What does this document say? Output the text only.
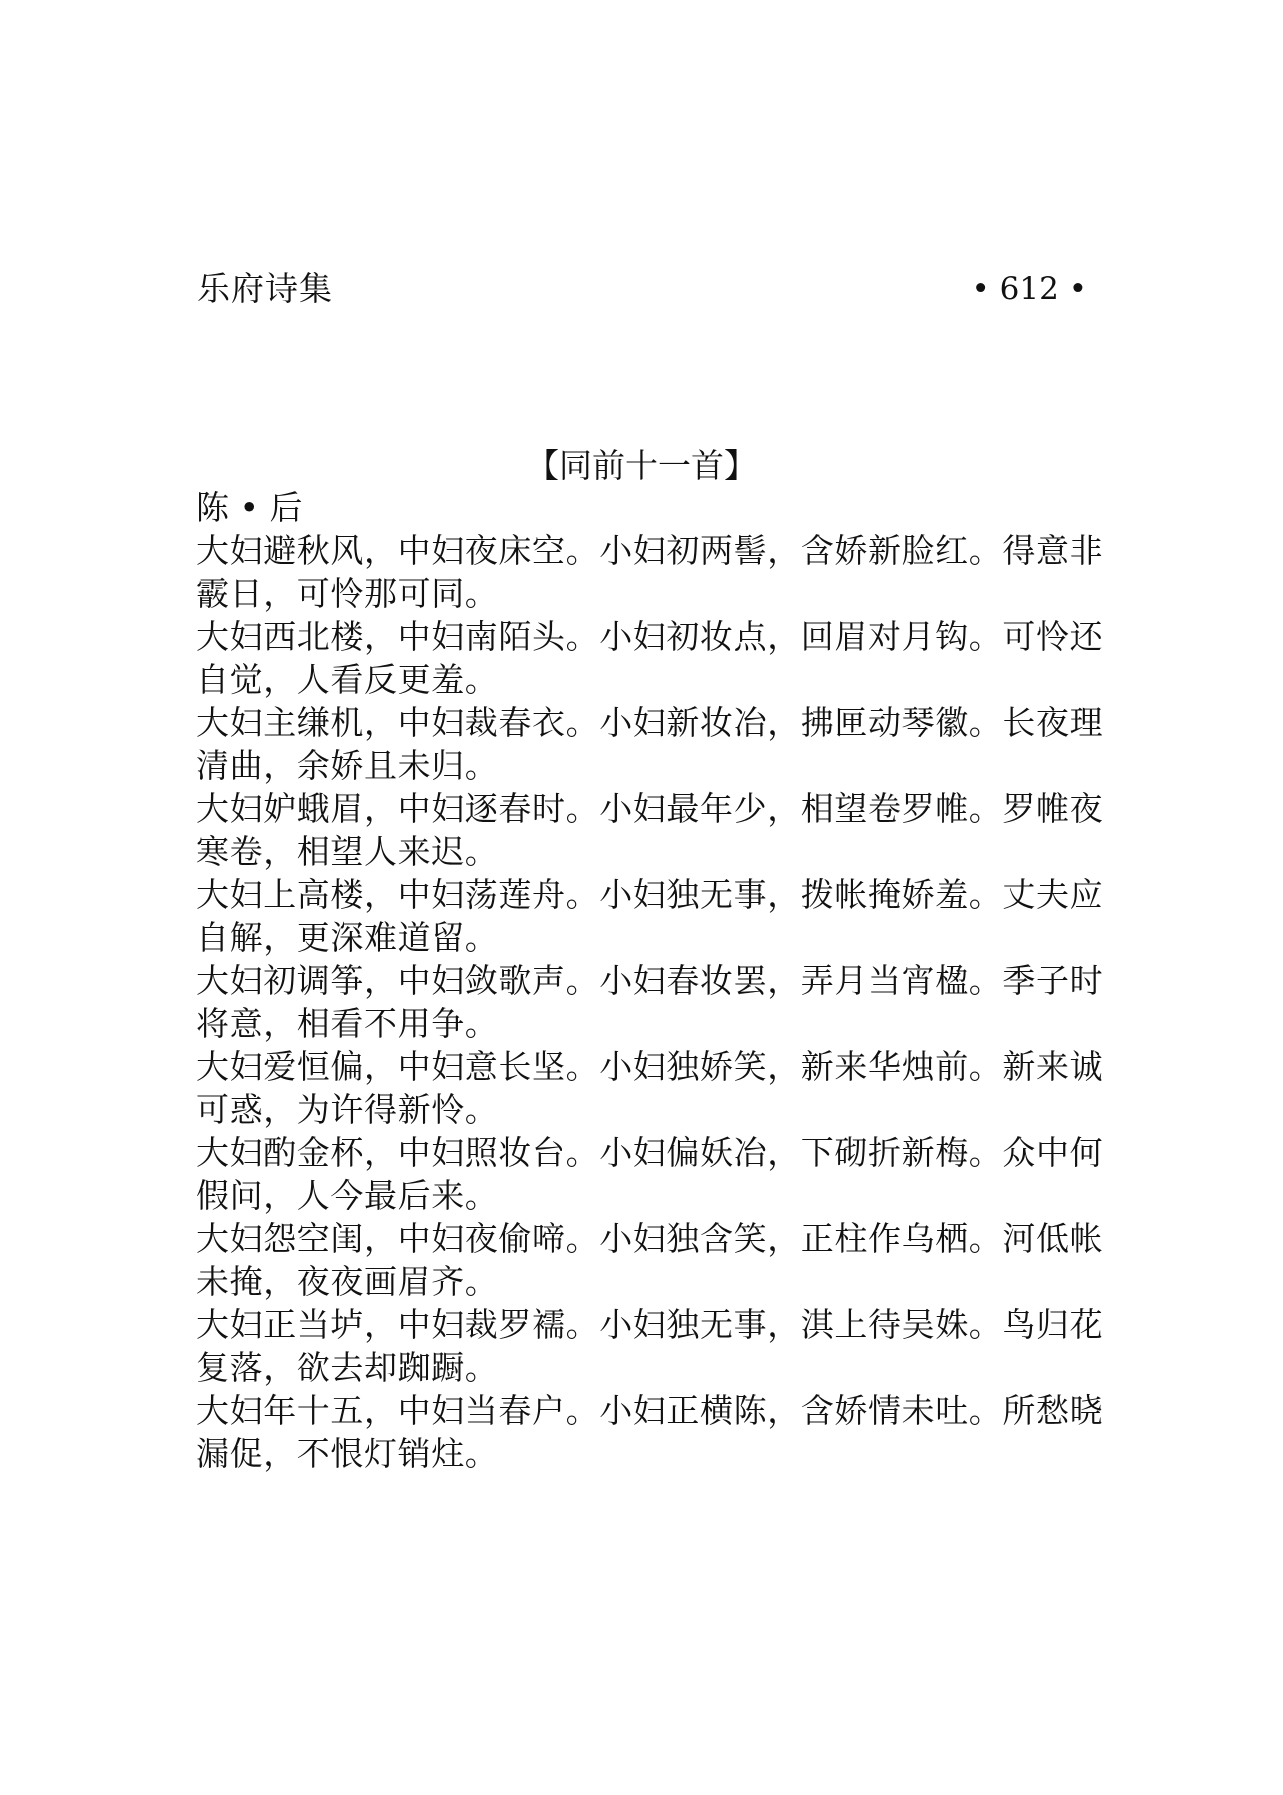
乐府诗集	• 612 •
【同前十一首】
陈 • 后
大妇避秋风，中妇夜床空。小妇初两髻，含娇新脸红。得意非
霰日，可怜那可同。
大妇西北楼，中妇南陌头。小妇初妆点，回眉对月钩。可怜还
自觉，人看反更羞。
大妇主缣机，中妇裁春衣。小妇新妆冶，拂匣动琴徽。长夜理
清曲，余娇且未归。
大妇妒蛾眉，中妇逐春时。小妇最年少，相望卷罗帷。罗帷夜
寒卷，相望人来迟。
大妇上高楼，中妇荡莲舟。小妇独无事，拨帐掩娇羞。丈夫应
自解，更深难道留。
大妇初调筝，中妇敛歌声。小妇春妆罢，弄月当宵楹。季子时
将意，相看不用争。
大妇爱恒偏，中妇意长坚。小妇独娇笑，新来华烛前。新来诚
可惑，为许得新怜。
大妇酌金杯，中妇照妆台。小妇偏妖冶，下砌折新梅。众中何
假问，人今最后来。
大妇怨空闺，中妇夜偷啼。小妇独含笑，正柱作乌栖。河低帐
未掩，夜夜画眉齐。
大妇正当垆，中妇裁罗襦。小妇独无事，淇上待吴姝。鸟归花
复落，欲去却踟蹰。
大妇年十五，中妇当春户。小妇正横陈，含娇情未吐。所愁晓
漏促，不恨灯销炷。
